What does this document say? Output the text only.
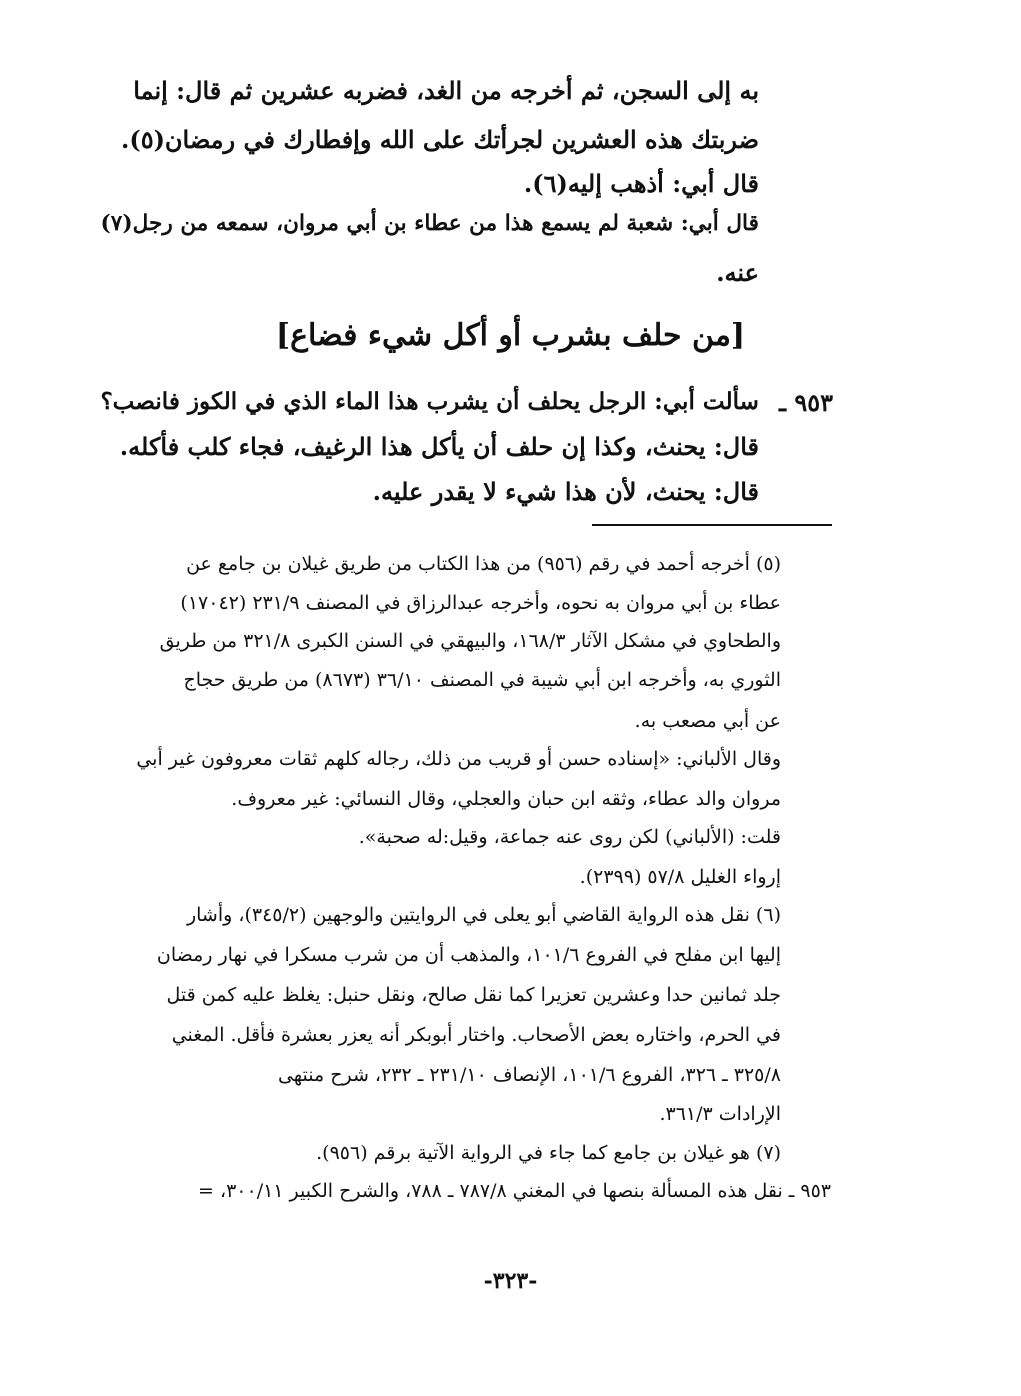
به إلى السجن، ثم أخرجه من الغد، فضربه عشرين ثم قال: إنما
ضربتك هذه العشرين لجرأتك على الله وإفطارك في رمضان(٥).
قال أبي: أذهب إليه(٦).
قال أبي: شعبة لم يسمع هذا من عطاء بن أبي مروان، سمعه من رجل(٧)
عنه.
[من حلف بشرب أو أكل شيء فضاع]
٩٥٣ ـ
سألت أبي: الرجل يحلف أن يشرب هذا الماء الذي في الكوز فانصب؟
قال: يحنث، وكذا إن حلف أن يأكل هذا الرغيف، فجاء كلب فأكله.
قال: يحنث، لأن هذا شيء لا يقدر عليه.
(٥) أخرجه أحمد في رقم (٩٥٦) من هذا الكتاب من طريق غيلان بن جامع عن
عطاء بن أبي مروان به نحوه، وأخرجه عبدالرزاق في المصنف ٢٣١/٩ (١٧٠٤٢)
والطحاوي في مشكل الآثار ١٦٨/٣، والبيهقي في السنن الكبرى ٣٢١/٨ من طريق
الثوري به، وأخرجه ابن أبي شيبة في المصنف ٣٦/١٠ (٨٦٧٣) من طريق حجاج
عن أبي مصعب به.
وقال الألباني: «إسناده حسن أو قريب من ذلك، رجاله كلهم ثقات معروفون غير أبي
مروان والد عطاء، وثقه ابن حبان والعجلي، وقال النسائي: غير معروف.
قلت: (الألباني) لكن روى عنه جماعة، وقيل:له صحبة».
إرواء الغليل ٥٧/٨ (٢٣٩٩).
(٦) نقل هذه الرواية القاضي أبو يعلى في الروايتين والوجهين (٣٤٥/٢)، وأشار
إليها ابن مفلح في الفروع ١٠١/٦، والمذهب أن من شرب مسكرا في نهار رمضان
جلد ثمانين حدا وعشرين تعزيرا كما نقل صالح، ونقل حنبل: يغلظ عليه كمن قتل
في الحرم، واختاره بعض الأصحاب. واختار أبوبكر أنه يعزر بعشرة فأقل. المغني
٣٢٥/٨ ـ ٣٢٦، الفروع ١٠١/٦، الإنصاف ٢٣١/١٠ ـ ٢٣٢، شرح منتهى
الإرادات ٣٦١/٣.
(٧) هو غيلان بن جامع كما جاء في الرواية الآتية برقم (٩٥٦).
٩٥٣ ـ نقل هذه المسألة بنصها في المغني ٧٨٧/٨ ـ ٧٨٨، والشرح الكبير ٣٠٠/١١، =
-٣٢٣-
